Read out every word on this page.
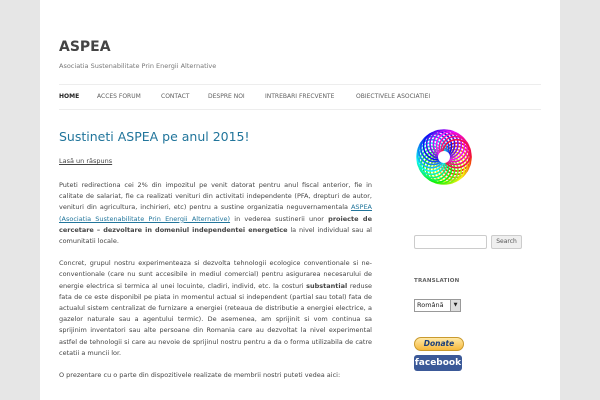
ASPEA
Asociatia Sustenabilitate Prin Energii Alternative
HOME	ACCES FORUM	CONTACT	DESPRE NOI	INTREBARI FRECVENTE	OBIECTIVELE ASOCIATIEI
Sustineti ASPEA pe anul 2015!
Lasă un răspuns

Puteti redirectiona cei 2% din impozitul pe venit datorat pentru anul fiscal anterior, fie in calitate de salariat, fie ca realizati venituri din activitati independente (PFA, drepturi de autor, venituri din agricultura, inchirieri, etc) pentru a sustine organizatia neguvernamentala ASPEA (Asociatia Sustenabilitate Prin Energii Alternative) in vederea sustinerii unor proiecte de cercetare – dezvoltare in domeniul independentei energetice la nivel individual sau al comunitatii locale.

Concret, grupul nostru experimenteaza si dezvolta tehnologii ecologice conventionale si ne-conventionale (care nu sunt accesibile in mediul comercial) pentru asigurarea necesarului de energie electrica si termica al unei locuinte, cladiri, individ, etc. la costuri substantial reduse fata de ce este disponibil pe piata in momentul actual si independent (partial sau total) fata de actualul sistem centralizat de furnizare a energiei (reteaua de distributie a energiei electrice, a gazelor naturale sau a agentului termic). De asemenea, am sprijinit si vom continua sa sprijinim inventatori sau alte persoane din Romania care au dezvoltat la nivel experimental astfel de tehnologii si care au nevoie de sprijinul nostru pentru a da o forma utilizabila de catre cetatii a muncii lor.

O prezentare cu o parte din dispozitivele realizate de membrii nostri puteti vedea aici:

Search
TRANSLATION
Română	▼
Donate
facebook
